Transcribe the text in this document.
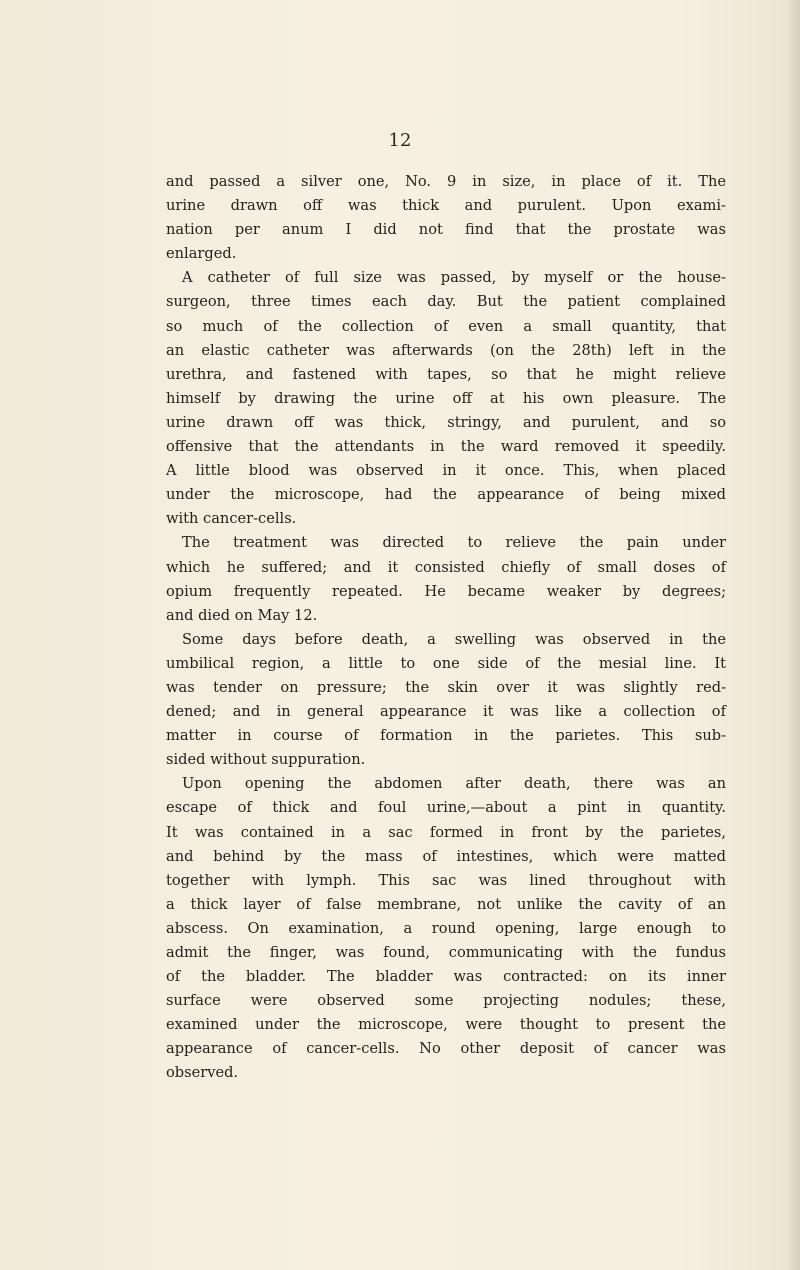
12
and passed a silver one, No. 9 in size, in place of it. The
urine drawn off was thick and purulent. Upon exami-
nation per anum I did not find that the prostate was
enlarged.
A catheter of full size was passed, by myself or the house-
surgeon, three times each day. But the patient complained
so much of the collection of even a small quantity, that
an elastic catheter was afterwards (on the 28th) left in the
urethra, and fastened with tapes, so that he might relieve
himself by drawing the urine off at his own pleasure. The
urine drawn off was thick, stringy, and purulent, and so
offensive that the attendants in the ward removed it speedily.
A little blood was observed in it once. This, when placed
under the microscope, had the appearance of being mixed
with cancer-cells.
The treatment was directed to relieve the pain under
which he suffered; and it consisted chiefly of small doses of
opium frequently repeated. He became weaker by degrees;
and died on May 12.
Some days before death, a swelling was observed in the
umbilical region, a little to one side of the mesial line. It
was tender on pressure; the skin over it was slightly red-
dened; and in general appearance it was like a collection of
matter in course of formation in the parietes. This sub-
sided without suppuration.
Upon opening the abdomen after death, there was an
escape of thick and foul urine,—about a pint in quantity.
It was contained in a sac formed in front by the parietes,
and behind by the mass of intestines, which were matted
together with lymph. This sac was lined throughout with
a thick layer of false membrane, not unlike the cavity of an
abscess. On examination, a round opening, large enough to
admit the finger, was found, communicating with the fundus
of the bladder. The bladder was contracted: on its inner
surface were observed some projecting nodules; these,
examined under the microscope, were thought to present the
appearance of cancer-cells. No other deposit of cancer was
observed.
